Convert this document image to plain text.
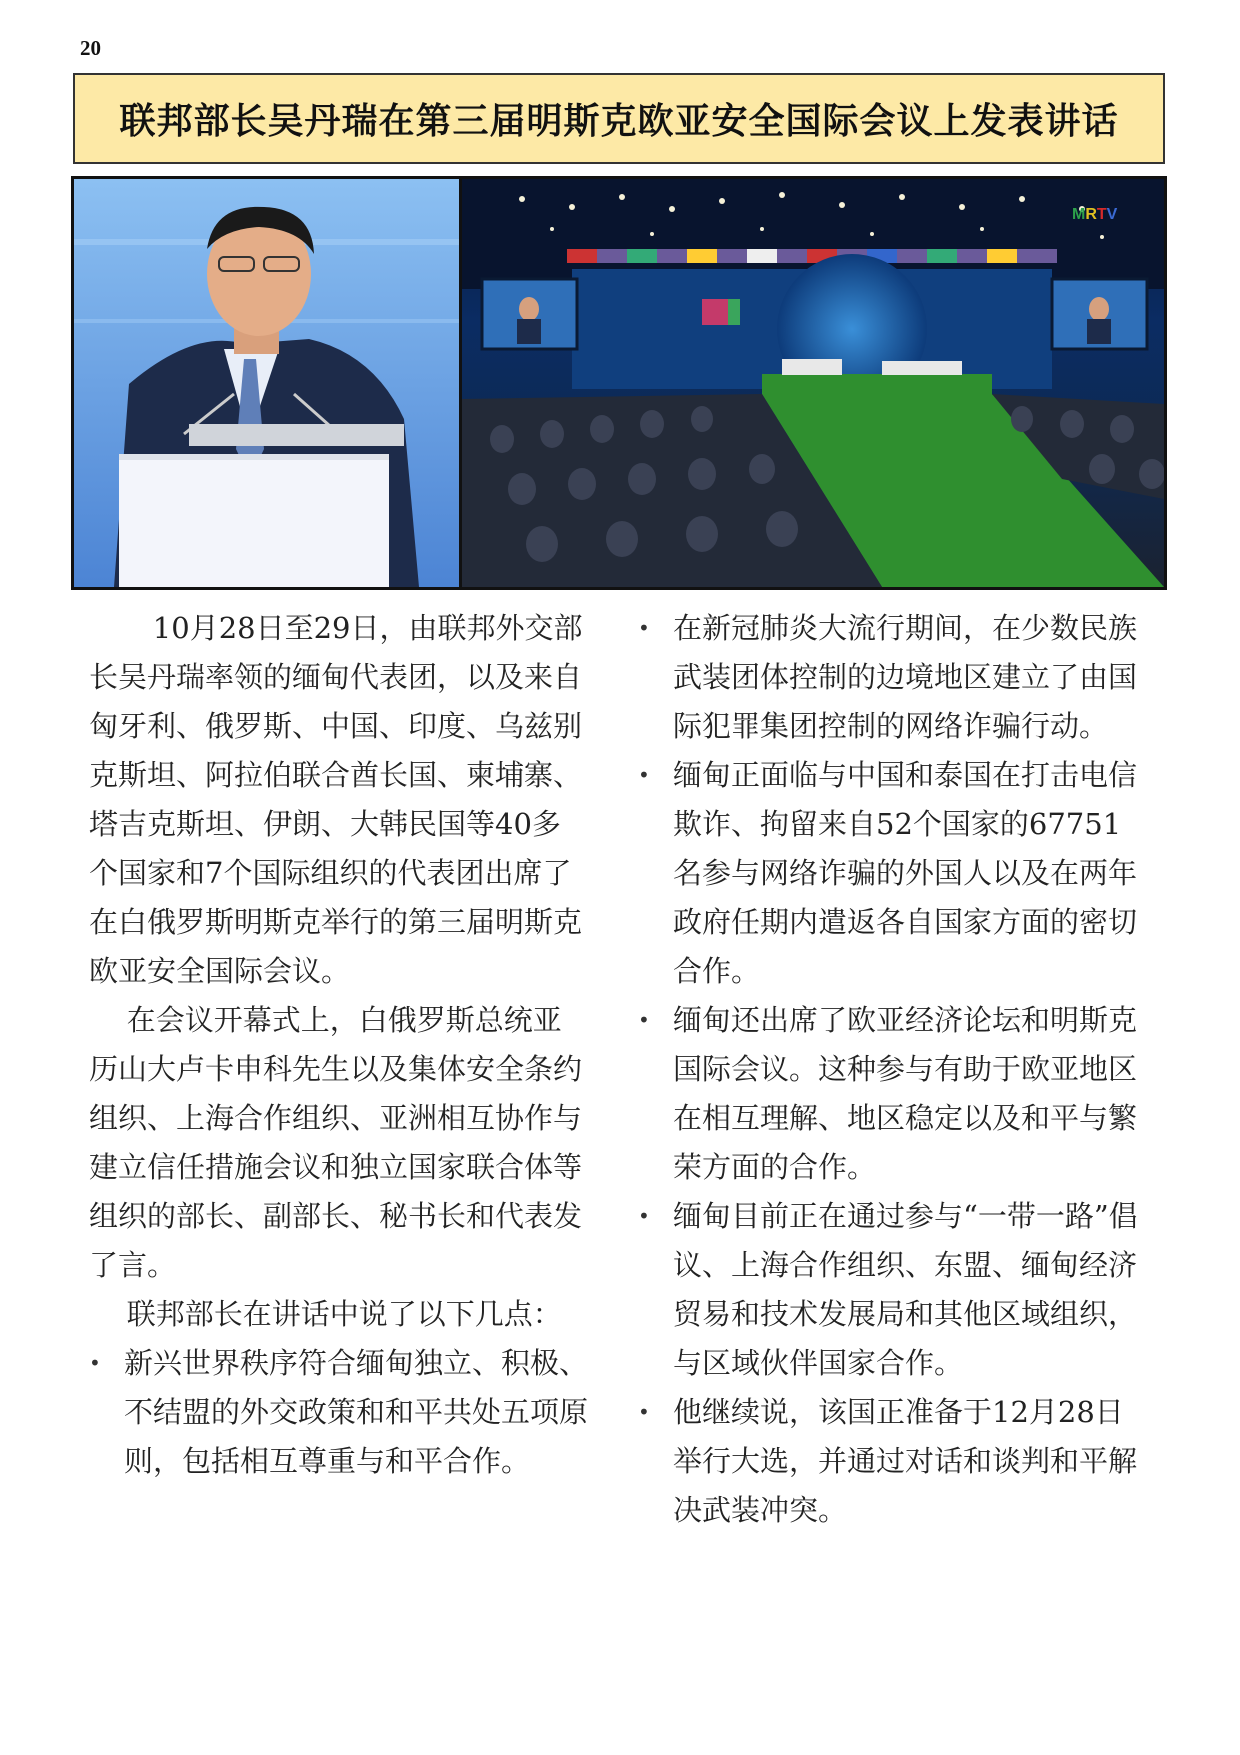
20
联邦部长吴丹瑞在第三届明斯克欧亚安全国际会议上发表讲话
MRTV

10月28日至29日，由联邦外交部长吴丹瑞率领的缅甸代表团，以及来自匈牙利、俄罗斯、中国、印度、乌兹别克斯坦、阿拉伯联合酋长国、柬埔寨、塔吉克斯坦、伊朗、大韩民国等40多个国家和7个国际组织的代表团出席了在白俄罗斯明斯克举行的第三届明斯克欧亚安全国际会议。

在会议开幕式上，白俄罗斯总统亚历山大卢卡申科先生以及集体安全条约组织、上海合作组织、亚洲相互协作与建立信任措施会议和独立国家联合体等组织的部长、副部长、秘书长和代表发了言。

联邦部长在讲话中说了以下几点：

• 新兴世界秩序符合缅甸独立、积极、不结盟的外交政策和和平共处五项原则，包括相互尊重与和平合作。

• 在新冠肺炎大流行期间，在少数民族武装团体控制的边境地区建立了由国际犯罪集团控制的网络诈骗行动。

• 缅甸正面临与中国和泰国在打击电信欺诈、拘留来自52个国家的67751名参与网络诈骗的外国人以及在两年政府任期内遣返各自国家方面的密切合作。

• 缅甸还出席了欧亚经济论坛和明斯克国际会议。这种参与有助于欧亚地区在相互理解、地区稳定以及和平与繁荣方面的合作。

• 缅甸目前正在通过参与“一带一路”倡议、上海合作组织、东盟、缅甸经济贸易和技术发展局和其他区域组织，与区域伙伴国家合作。

• 他继续说，该国正准备于12月28日举行大选，并通过对话和谈判和平解决武装冲突。
